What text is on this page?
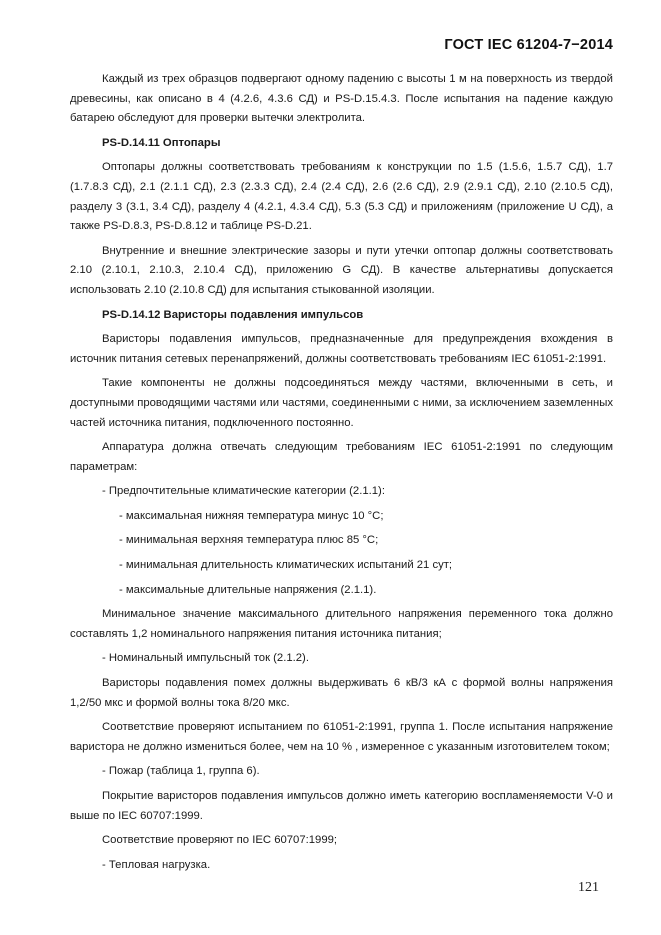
ГОСТ IEC 61204-7−2014

Каждый из трех образцов подвергают одному падению с высоты 1 м на поверхность из твердой древесины, как описано в 4 (4.2.6, 4.3.6 СД) и PS-D.15.4.3. После испытания на падение каждую батарею обследуют для проверки вытечки электролита.

PS-D.14.11 Оптопары

Оптопары должны соответствовать требованиям к конструкции по 1.5 (1.5.6, 1.5.7 СД), 1.7 (1.7.8.3 СД), 2.1 (2.1.1 СД), 2.3 (2.3.3 СД), 2.4 (2.4 СД), 2.6 (2.6 СД), 2.9 (2.9.1 СД), 2.10 (2.10.5 СД), разделу 3 (3.1, 3.4 СД), разделу 4 (4.2.1, 4.3.4 СД), 5.3 (5.3 СД) и приложениям (приложение U СД), а также PS-D.8.3, PS-D.8.12 и таблице PS-D.21.

Внутренние и внешние электрические зазоры и пути утечки оптопар должны соответствовать 2.10 (2.10.1, 2.10.3, 2.10.4 СД), приложению G СД). В качестве альтернативы допускается использовать 2.10 (2.10.8 СД) для испытания стыкованной изоляции.

PS-D.14.12 Варисторы подавления импульсов

Варисторы подавления импульсов, предназначенные для предупреждения вхождения в источник питания сетевых перенапряжений, должны соответствовать требованиям IEC 61051-2:1991.

Такие компоненты не должны подсоединяться между частями, включенными в сеть, и доступными проводящими частями или частями, соединенными с ними, за исключением заземленных частей источника питания, подключенного постоянно.

Аппаратура должна отвечать следующим требованиям IEC 61051-2:1991 по следующим параметрам:

- Предпочтительные климатические категории (2.1.1):
- максимальная нижняя температура минус 10 °C;
- минимальная верхняя температура плюс 85 °C;
- минимальная длительность климатических испытаний 21 сут;
- максимальные длительные напряжения (2.1.1).

Минимальное значение максимального длительного напряжения переменного тока должно составлять 1,2 номинального напряжения питания источника питания;

- Номинальный импульсный ток (2.1.2).

Варисторы подавления помех должны выдерживать 6 кВ/3 кА с формой волны напряжения 1,2/50 мкс и формой волны тока 8/20 мкс.

Соответствие проверяют испытанием по 61051-2:1991, группа 1. После испытания напряжение варистора не должно измениться более, чем на 10 % , измеренное с указанным изготовителем током;

- Пожар (таблица 1, группа 6).

Покрытие варисторов подавления импульсов должно иметь категорию воспламеняемости V-0 и выше по IEC 60707:1999.

Соответствие проверяют по IEC 60707:1999;

- Тепловая нагрузка.
121
